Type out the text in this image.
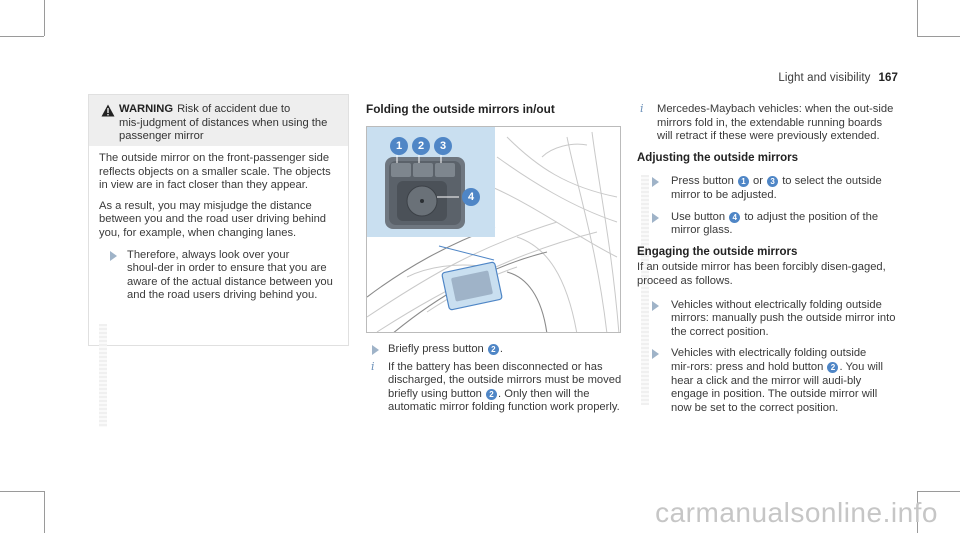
Light and visibility 167
WARNING Risk of accident due to mis‑judgment of distances when using the passenger mirror

The outside mirror on the front-passenger side reflects objects on a smaller scale. The objects in view are in fact closer than they appear.

As a result, you may misjudge the distance between you and the road user driving behind you, for example, when changing lanes.

Therefore, always look over your shoul‑der in order to ensure that you are aware of the actual distance between you and the road users driving behind you.
Folding the outside mirrors in/out
1	2	3
4
Briefly press button 2 .
i	If the battery has been disconnected or has discharged, the outside mirrors must be moved briefly using button 2 . Only then will the automatic mirror folding function work properly.
i	Mercedes-Maybach vehicles: when the out‑side mirrors fold in, the extendable running boards will retract if these were previously extended.
Adjusting the outside mirrors
Press button 1 or 3 to select the outside mirror to be adjusted.
Use button 4 to adjust the position of the mirror glass.
Engaging the outside mirrors

If an outside mirror has been forcibly disen‑gaged, proceed as follows.

Vehicles without electrically folding outside mirrors: manually push the outside mirror into the correct position.
Vehicles with electrically folding outside mir‑rors: press and hold button 2 . You will hear a click and the mirror will audi‑bly engage in position. The outside mirror will now be set to the correct position.
carmanualsonline.info
